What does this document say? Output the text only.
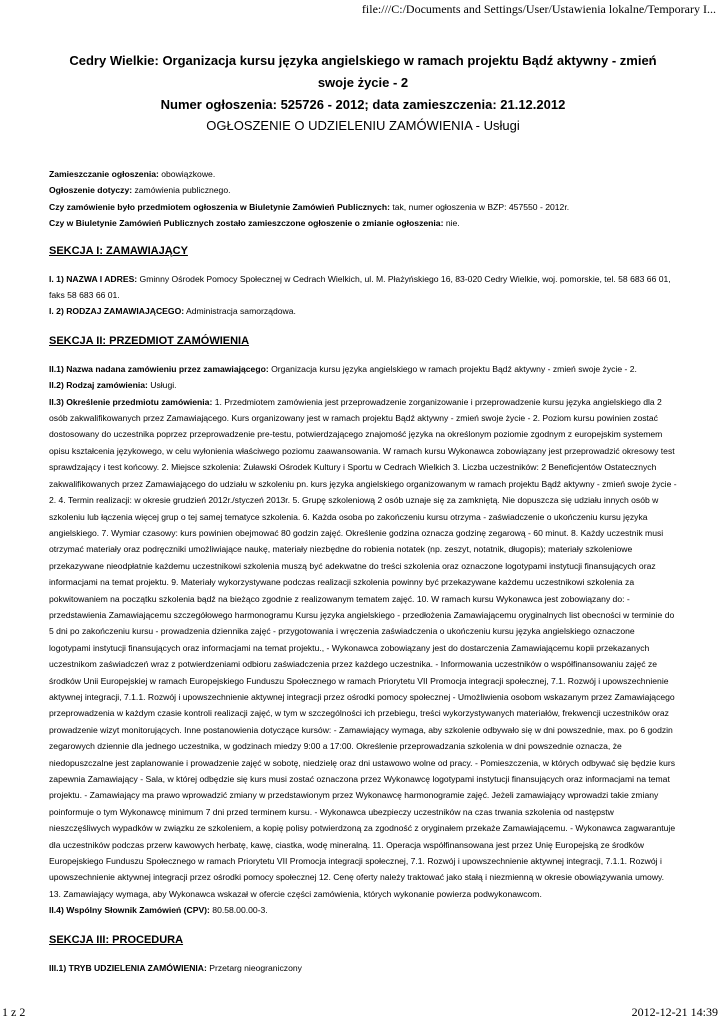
file:///C:/Documents and Settings/User/Ustawienia lokalne/Temporary I...
Cedry Wielkie: Organizacja kursu języka angielskiego w ramach projektu Bądź aktywny - zmień
swoje życie - 2
Numer ogłoszenia: 525726 - 2012; data zamieszczenia: 21.12.2012
OGŁOSZENIE O UDZIELENIU ZAMÓWIENIA - Usługi

Zamieszczanie ogłoszenia: obowiązkowe.

Ogłoszenie dotyczy: zamówienia publicznego.

Czy zamówienie było przedmiotem ogłoszenia w Biuletynie Zamówień Publicznych: tak, numer ogłoszenia w BZP: 457550 - 2012r.

Czy w Biuletynie Zamówień Publicznych zostało zamieszczone ogłoszenie o zmianie ogłoszenia: nie.

SEKCJA I: ZAMAWIAJĄCY

I. 1) NAZWA I ADRES: Gminny Ośrodek Pomocy Społecznej w Cedrach Wielkich, ul. M. Płażyńskiego 16, 83-020 Cedry Wielkie, woj. pomorskie, tel. 58 683 66 01, faks 58 683 66 01.

I. 2) RODZAJ ZAMAWIAJĄCEGO: Administracja samorządowa.

SEKCJA II: PRZEDMIOT ZAMÓWIENIA

II.1) Nazwa nadana zamówieniu przez zamawiającego: Organizacja kursu języka angielskiego w ramach projektu Bądź aktywny - zmień swoje życie - 2.

II.2) Rodzaj zamówienia: Usługi.

II.3) Określenie przedmiotu zamówienia: 1. Przedmiotem zamówienia jest przeprowadzenie zorganizowanie i przeprowadzenie kursu języka angielskiego dla 2 osób zakwalifikowanych przez Zamawiającego. Kurs organizowany jest w ramach projektu Bądź aktywny - zmień swoje życie - 2. Poziom kursu powinien zostać dostosowany do uczestnika poprzez przeprowadzenie pre-testu, potwierdzającego znajomość języka na określonym poziomie zgodnym z europejskim systemem opisu kształcenia językowego, w celu wyłonienia właściwego poziomu zaawansowania. W ramach kursu Wykonawca zobowiązany jest przeprowadzić okresowy test sprawdzający i test końcowy. 2. Miejsce szkolenia: Żuławski Ośrodek Kultury i Sportu w Cedrach Wielkich 3. Liczba uczestników: 2 Beneficjentów Ostatecznych zakwalifikowanych przez Zamawiającego do udziału w szkoleniu pn. kurs języka angielskiego organizowanym w ramach projektu Bądź aktywny - zmień swoje życie - 2. 4. Termin realizacji: w okresie grudzień 2012r./styczeń 2013r. 5. Grupę szkoleniową 2 osób uznaje się za zamkniętą. Nie dopuszcza się udziału innych osób w szkoleniu lub łączenia więcej grup o tej samej tematyce szkolenia. 6. Każda osoba po zakończeniu kursu otrzyma - zaświadczenie o ukończeniu kursu języka angielskiego. 7. Wymiar czasowy: kurs powinien obejmować 80 godzin zajęć. Określenie godzina oznacza godzinę zegarową - 60 minut. 8. Każdy uczestnik musi otrzymać materiały oraz podręczniki umożliwiające naukę, materiały niezbędne do robienia notatek (np. zeszyt, notatnik, długopis); materiały szkoleniowe przekazywane nieodpłatnie każdemu uczestnikowi szkolenia muszą być adekwatne do treści szkolenia oraz oznaczone logotypami instytucji finansujących oraz informacjami na temat projektu. 9. Materiały wykorzystywane podczas realizacji szkolenia powinny być przekazywane każdemu uczestnikowi szkolenia za pokwitowaniem na początku szkolenia bądź na bieżąco zgodnie z realizowanym tematem zajęć. 10. W ramach kursu Wykonawca jest zobowiązany do: - przedstawienia Zamawiającemu szczegółowego harmonogramu Kursu języka angielskiego - przedłożenia Zamawiającemu oryginalnych list obecności w terminie do 5 dni po zakończeniu kursu - prowadzenia dziennika zajęć - przygotowania i wręczenia zaświadczenia o ukończeniu kursu języka angielskiego oznaczone logotypami instytucji finansujących oraz informacjami na temat projektu., - Wykonawca zobowiązany jest do dostarczenia Zamawiającemu kopii przekazanych uczestnikom zaświadczeń wraz z potwierdzeniami odbioru zaświadczenia przez każdego uczestnika. - Informowania uczestników o współfinansowaniu zajęć ze środków Unii Europejskiej w ramach Europejskiego Funduszu Społecznego w ramach Priorytetu VII Promocja integracji społecznej, 7.1. Rozwój i upowszechnienie aktywnej integracji, 7.1.1. Rozwój i upowszechnienie aktywnej integracji przez ośrodki pomocy społecznej - Umożliwienia osobom wskazanym przez Zamawiającego przeprowadzenia w każdym czasie kontroli realizacji zajęć, w tym w szczególności ich przebiegu, treści wykorzystywanych materiałów, frekwencji uczestników oraz prowadzenie wizyt monitorujących. Inne postanowienia dotyczące kursów: - Zamawiający wymaga, aby szkolenie odbywało się w dni powszednie, max. po 6 godzin zegarowych dziennie dla jednego uczestnika, w godzinach miedzy 9:00 a 17:00. Określenie przeprowadzania szkolenia w dni powszednie oznacza, że niedopuszczalne jest zaplanowanie i prowadzenie zajęć w sobotę, niedzielę oraz dni ustawowo wolne od pracy. - Pomieszczenia, w których odbywać się będzie kurs zapewnia Zamawiający - Sala, w której odbędzie się kurs musi zostać oznaczona przez Wykonawcę logotypami instytucji finansujących oraz informacjami na temat projektu. - Zamawiający ma prawo wprowadzić zmiany w przedstawionym przez Wykonawcę harmonogramie zajęć. Jeżeli zamawiający wprowadzi takie zmiany poinformuje o tym Wykonawcę minimum 7 dni przed terminem kursu. - Wykonawca ubezpieczy uczestników na czas trwania szkolenia od następstw nieszczęśliwych wypadków w związku ze szkoleniem, a kopię polisy potwierdzoną za zgodność z oryginałem przekaże Zamawiającemu. - Wykonawca zagwarantuje dla uczestników podczas przerw kawowych herbatę, kawę, ciastka, wodę mineralną. 11. Operacja współfinansowana jest przez Unię Europejską ze środków Europejskiego Funduszu Społecznego w ramach Priorytetu VII Promocja integracji społecznej, 7.1. Rozwój i upowszechnienie aktywnej integracji, 7.1.1. Rozwój i upowszechnienie aktywnej integracji przez ośrodki pomocy społecznej 12. Cenę oferty należy traktować jako stałą i niezmienną w okresie obowiązywania umowy. 13. Zamawiający wymaga, aby Wykonawca wskazał w ofercie części zamówienia, których wykonanie powierza podwykonawcom.

II.4) Wspólny Słownik Zamówień (CPV): 80.58.00.00-3.

SEKCJA III: PROCEDURA

III.1) TRYB UDZIELENIA ZAMÓWIENIA: Przetarg nieograniczony

1 z 2	2012-12-21 14:39
